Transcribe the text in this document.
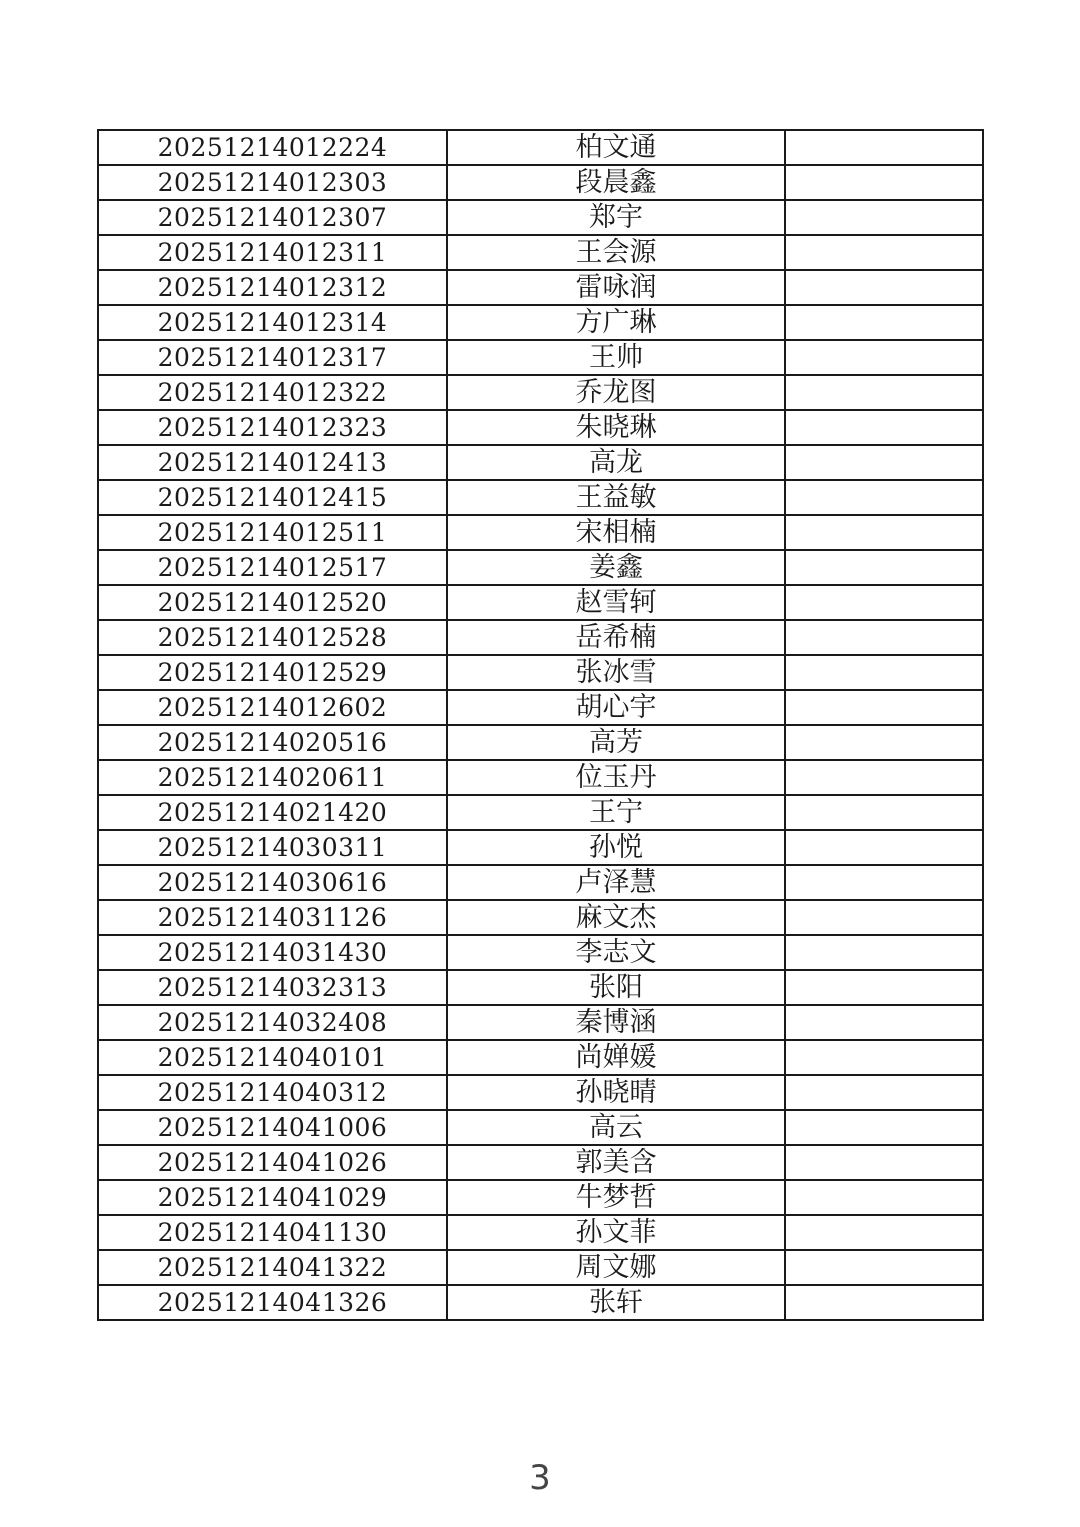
20251214012224	柏文通	
20251214012303	段晨鑫	
20251214012307	郑宇	
20251214012311	王会源	
20251214012312	雷咏润	
20251214012314	方广琳	
20251214012317	王帅	
20251214012322	乔龙图	
20251214012323	朱晓琳	
20251214012413	高龙	
20251214012415	王益敏	
20251214012511	宋相楠	
20251214012517	姜鑫	
20251214012520	赵雪轲	
20251214012528	岳希楠	
20251214012529	张冰雪	
20251214012602	胡心宇	
20251214020516	高芳	
20251214020611	位玉丹	
20251214021420	王宁	
20251214030311	孙悦	
20251214030616	卢泽慧	
20251214031126	麻文杰	
20251214031430	李志文	
20251214032313	张阳	
20251214032408	秦博涵	
20251214040101	尚婵媛	
20251214040312	孙晓晴	
20251214041006	高云	
20251214041026	郭美含	
20251214041029	牛梦哲	
20251214041130	孙文菲	
20251214041322	周文娜	
20251214041326	张轩	
3
